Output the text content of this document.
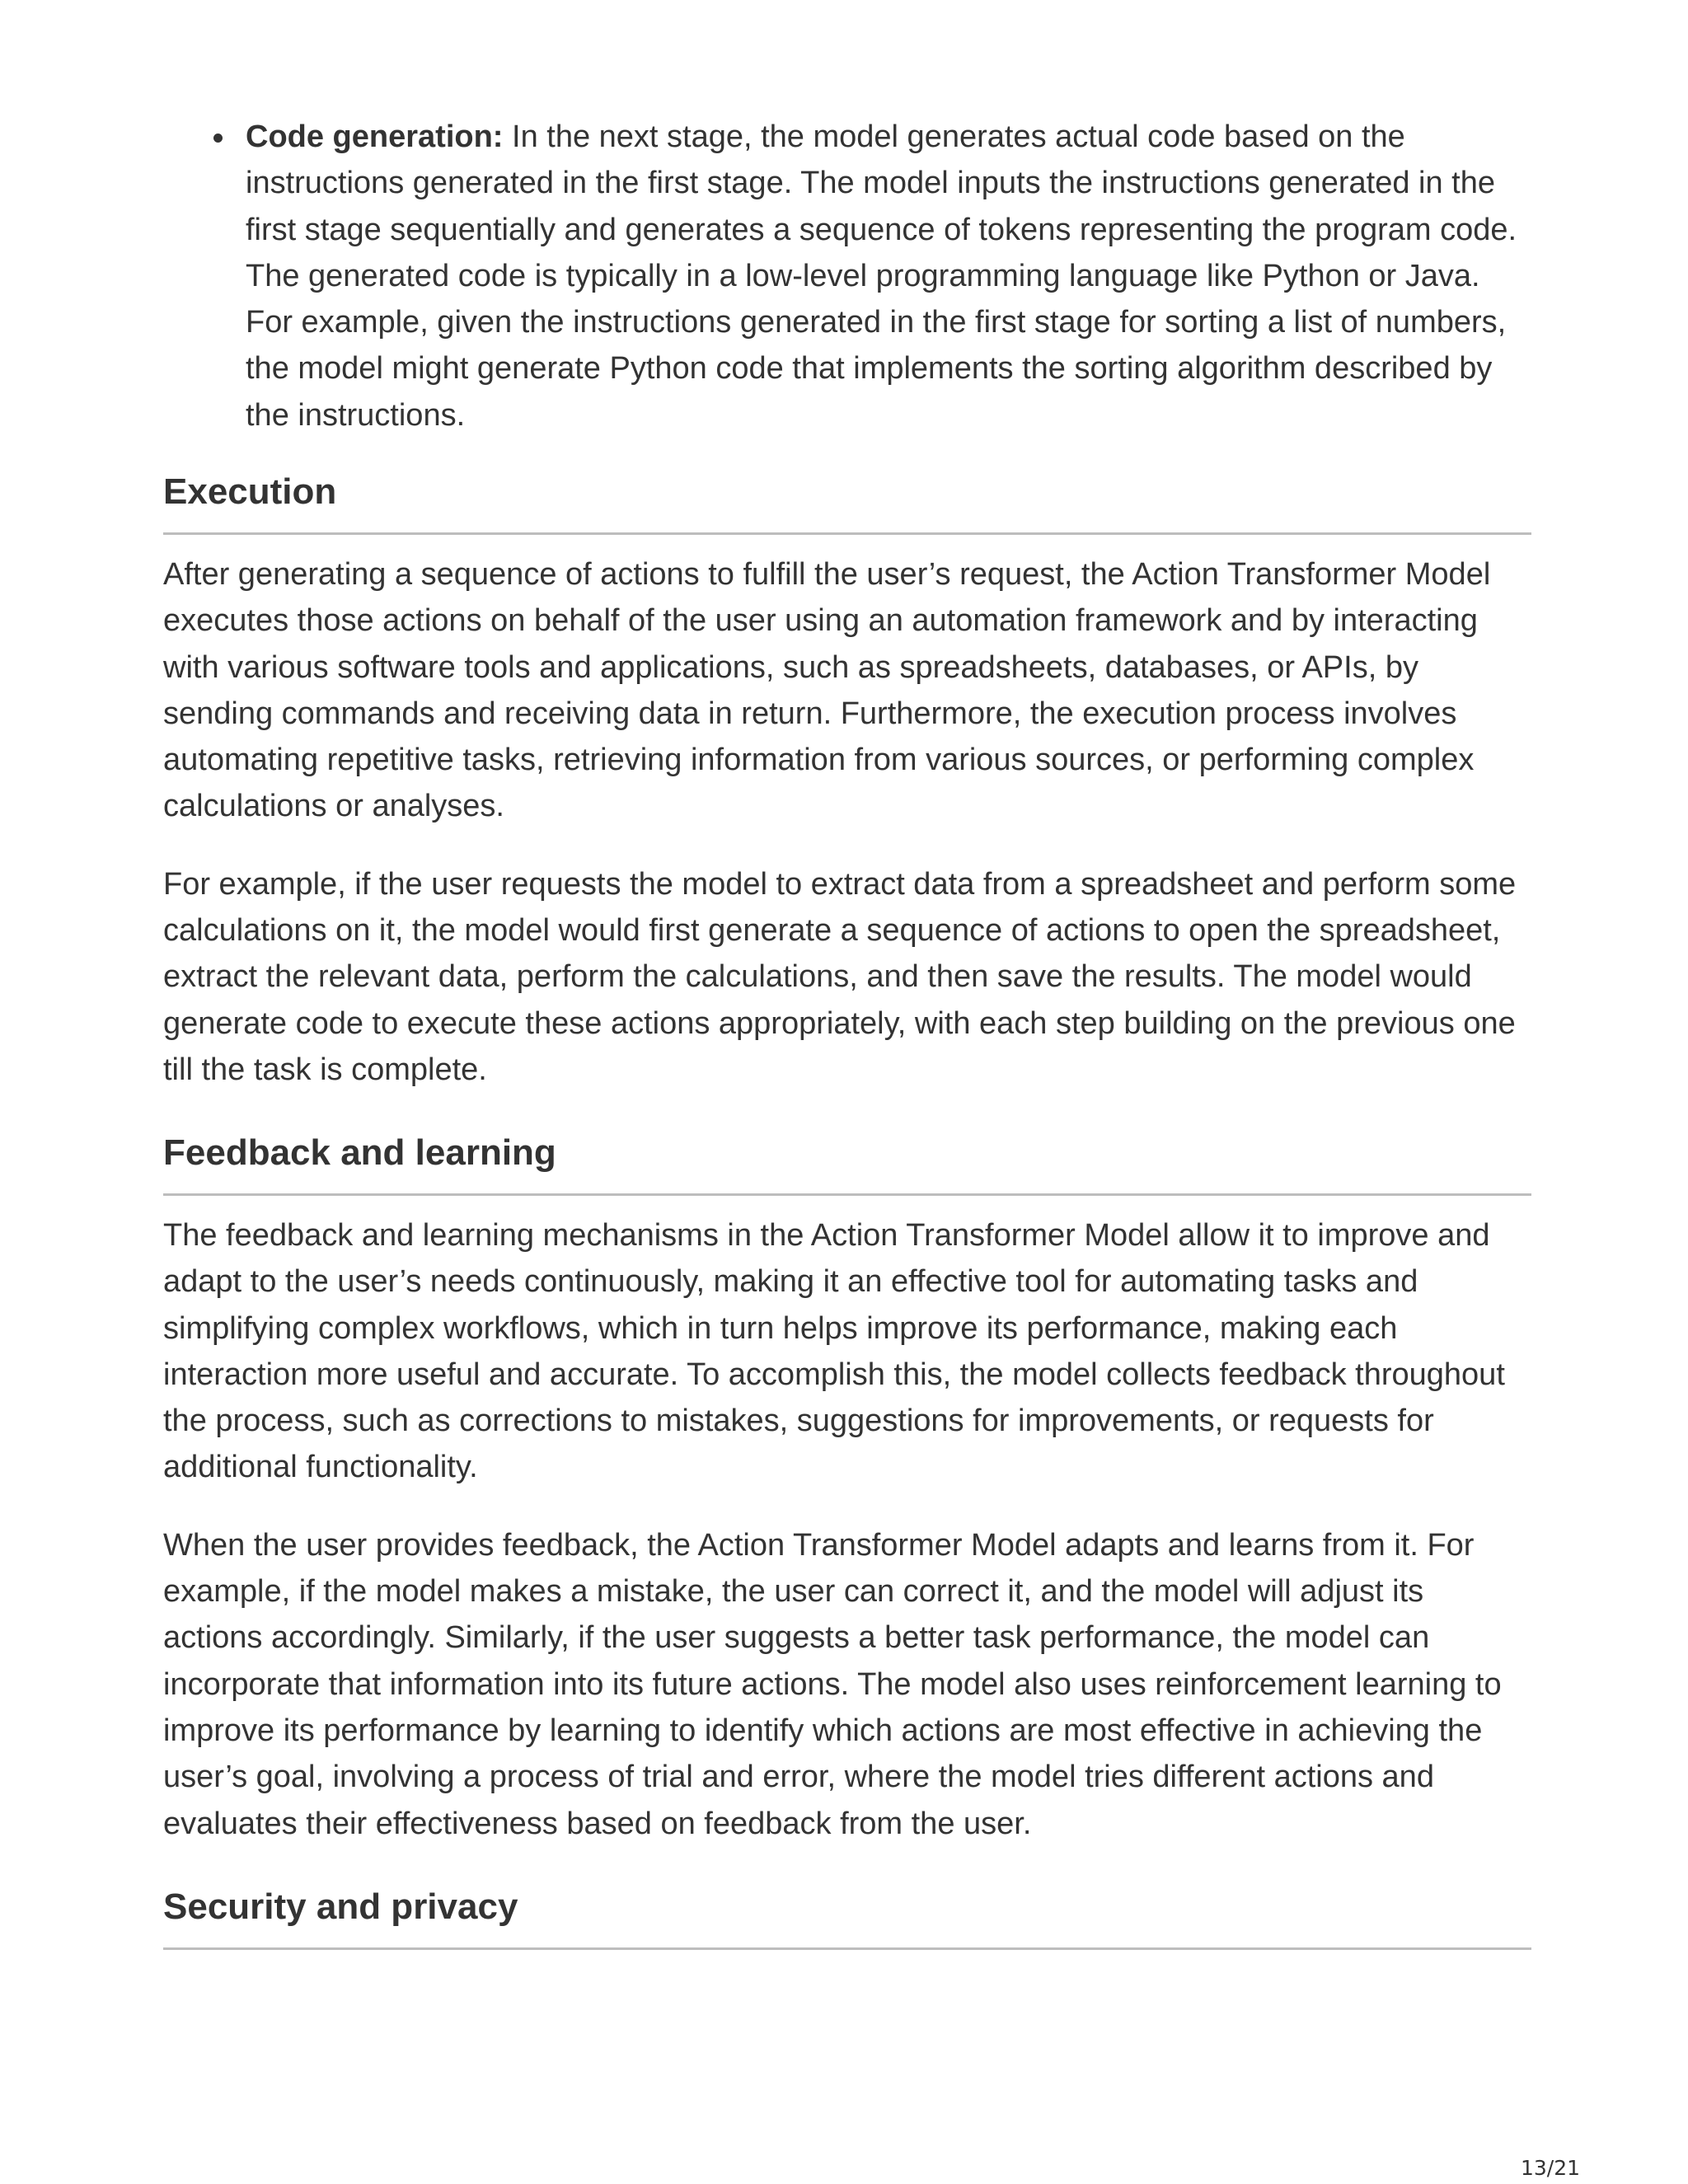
Code generation: In the next stage, the model generates actual code based on the instructions generated in the first stage. The model inputs the instructions generated in the first stage sequentially and generates a sequence of tokens representing the program code. The generated code is typically in a low-level programming language like Python or Java. For example, given the instructions generated in the first stage for sorting a list of numbers, the model might generate Python code that implements the sorting algorithm described by the instructions.
Execution

After generating a sequence of actions to fulfill the user’s request, the Action Transformer Model executes those actions on behalf of the user using an automation framework and by interacting with various software tools and applications, such as spreadsheets, databases, or APIs, by sending commands and receiving data in return. Furthermore, the execution process involves automating repetitive tasks, retrieving information from various sources, or performing complex calculations or analyses.

For example, if the user requests the model to extract data from a spreadsheet and perform some calculations on it, the model would first generate a sequence of actions to open the spreadsheet, extract the relevant data, perform the calculations, and then save the results. The model would generate code to execute these actions appropriately, with each step building on the previous one till the task is complete.

Feedback and learning

The feedback and learning mechanisms in the Action Transformer Model allow it to improve and adapt to the user’s needs continuously, making it an effective tool for automating tasks and simplifying complex workflows, which in turn helps improve its performance, making each interaction more useful and accurate. To accomplish this, the model collects feedback throughout the process, such as corrections to mistakes, suggestions for improvements, or requests for additional functionality.

When the user provides feedback, the Action Transformer Model adapts and learns from it. For example, if the model makes a mistake, the user can correct it, and the model will adjust its actions accordingly. Similarly, if the user suggests a better task performance, the model can incorporate that information into its future actions. The model also uses reinforcement learning to improve its performance by learning to identify which actions are most effective in achieving the user’s goal, involving a process of trial and error, where the model tries different actions and evaluates their effectiveness based on feedback from the user.

Security and privacy
13/21
